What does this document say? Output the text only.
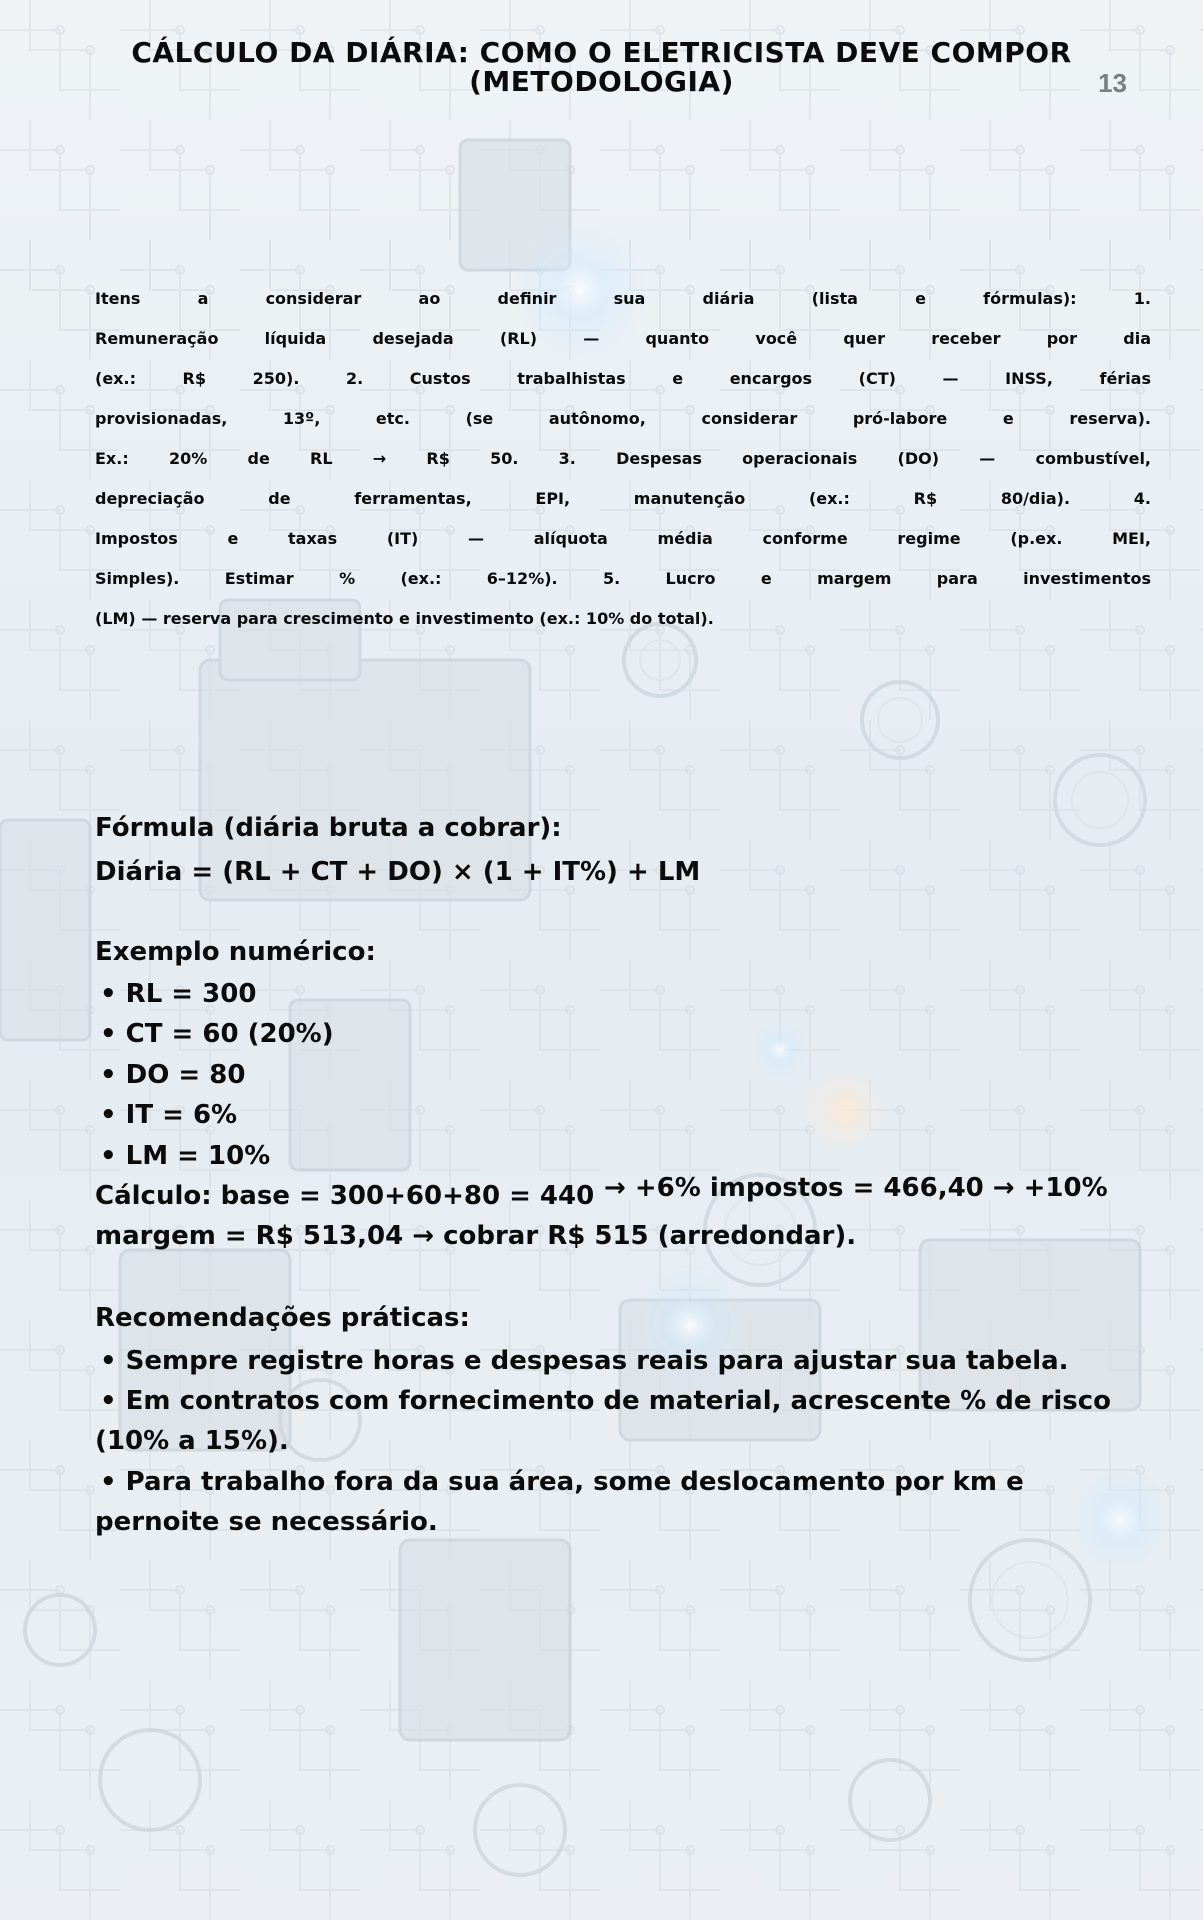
CÁLCULO DA DIÁRIA: COMO O ELETRICISTA DEVE COMPOR
(METODOLOGIA)	13
Itens a considerar ao definir sua diária (lista e fórmulas): 1.
Remuneração líquida desejada (RL) — quanto você quer receber por dia
(ex.: R$ 250). 2. Custos trabalhistas e encargos (CT) — INSS, férias
provisionadas, 13º, etc. (se autônomo, considerar pró-labore e reserva).
Ex.: 20% de RL → R$ 50. 3. Despesas operacionais (DO) — combustível,
depreciação de ferramentas, EPI, manutenção (ex.: R$ 80/dia). 4.
Impostos e taxas (IT) — alíquota média conforme regime (p.ex. MEI,
Simples). Estimar % (ex.: 6–12%). 5. Lucro e margem para investimentos
(LM) — reserva para crescimento e investimento (ex.: 10% do total).
Fórmula (diária bruta a cobrar):
Diária = (RL + CT + DO) × (1 + IT%) + LM
Exemplo numérico:
• RL = 300
• CT = 60 (20%)
• DO = 80
• IT = 6%
• LM = 10%
Cálculo: base = 300+60+80 = 440 → +6% impostos = 466,40 → +10%
margem = R$ 513,04 → cobrar R$ 515 (arredondar).
Recomendações práticas:
• Sempre registre horas e despesas reais para ajustar sua tabela.
• Em contratos com fornecimento de material, acrescente % de risco
(10% a 15%).
• Para trabalho fora da sua área, some deslocamento por km e
pernoite se necessário.
